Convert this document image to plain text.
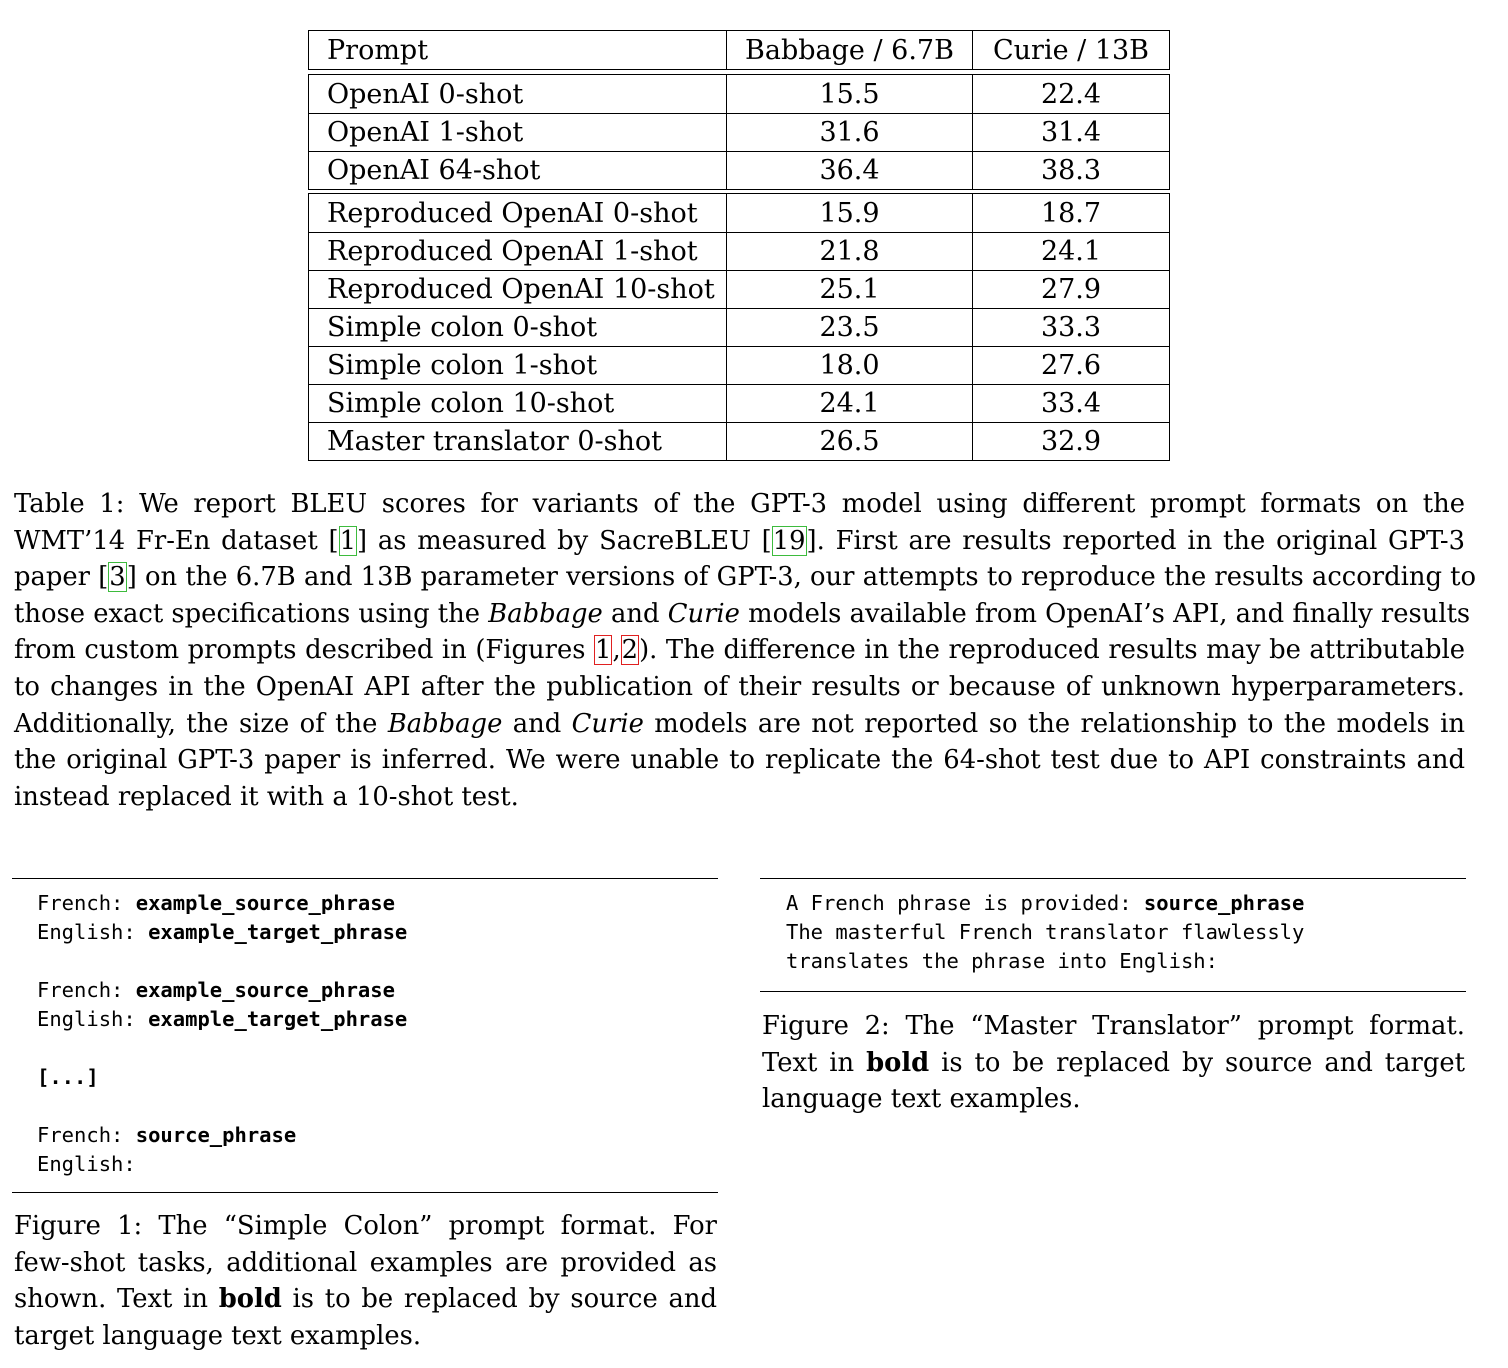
Prompt	Babbage / 6.7B	Curie / 13B
OpenAI 0-shot	15.5	22.4
OpenAI 1-shot	31.6	31.4
OpenAI 64-shot	36.4	38.3
Reproduced OpenAI 0-shot	15.9	18.7
Reproduced OpenAI 1-shot	21.8	24.1
Reproduced OpenAI 10-shot	25.1	27.9
Simple colon 0-shot	23.5	33.3
Simple colon 1-shot	18.0	27.6
Simple colon 10-shot	24.1	33.4
Master translator 0-shot	26.5	32.9
Table 1: We report BLEU scores for variants of the GPT-3 model using different prompt formats on the
WMT’14 Fr-En dataset [1] as measured by SacreBLEU [19]. First are results reported in the original GPT-3
paper [3] on the 6.7B and 13B parameter versions of GPT-3, our attempts to reproduce the results according to
those exact specifications using the Babbage and Curie models available from OpenAI’s API, and finally results
from custom prompts described in (Figures 1,2). The difference in the reproduced results may be attributable
to changes in the OpenAI API after the publication of their results or because of unknown hyperparameters.
Additionally, the size of the Babbage and Curie models are not reported so the relationship to the models in
the original GPT-3 paper is inferred. We were unable to replicate the 64-shot test due to API constraints and
instead replaced it with a 10-shot test.
French: example_source_phrase
English: example_target_phrase

French: example_source_phrase
English: example_target_phrase

[...]

French: source_phrase
English:
Figure 1: The “Simple Colon” prompt format. For
few-shot tasks, additional examples are provided as
shown. Text in bold is to be replaced by source and
target language text examples.
A French phrase is provided: source_phrase
The masterful French translator flawlessly
translates the phrase into English:
Figure 2: The “Master Translator” prompt format.
Text in bold is to be replaced by source and target
language text examples.
